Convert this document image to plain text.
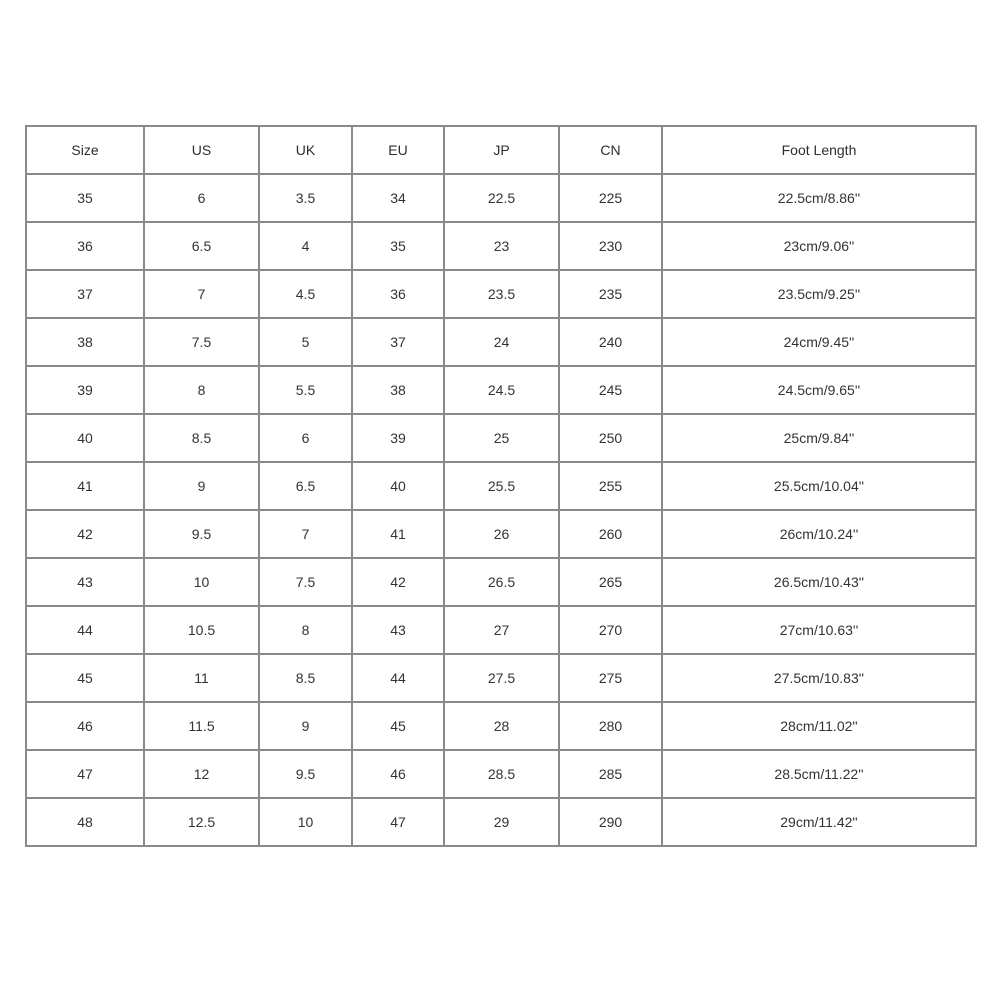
Size	US	UK	EU	JP	CN	Foot Length
35	6	3.5	34	22.5	225	22.5cm/8.86''
36	6.5	4	35	23	230	23cm/9.06''
37	7	4.5	36	23.5	235	23.5cm/9.25''
38	7.5	5	37	24	240	24cm/9.45''
39	8	5.5	38	24.5	245	24.5cm/9.65''
40	8.5	6	39	25	250	25cm/9.84''
41	9	6.5	40	25.5	255	25.5cm/10.04''
42	9.5	7	41	26	260	26cm/10.24''
43	10	7.5	42	26.5	265	26.5cm/10.43''
44	10.5	8	43	27	270	27cm/10.63''
45	11	8.5	44	27.5	275	27.5cm/10.83''
46	11.5	9	45	28	280	28cm/11.02''
47	12	9.5	46	28.5	285	28.5cm/11.22''
48	12.5	10	47	29	290	29cm/11.42''
